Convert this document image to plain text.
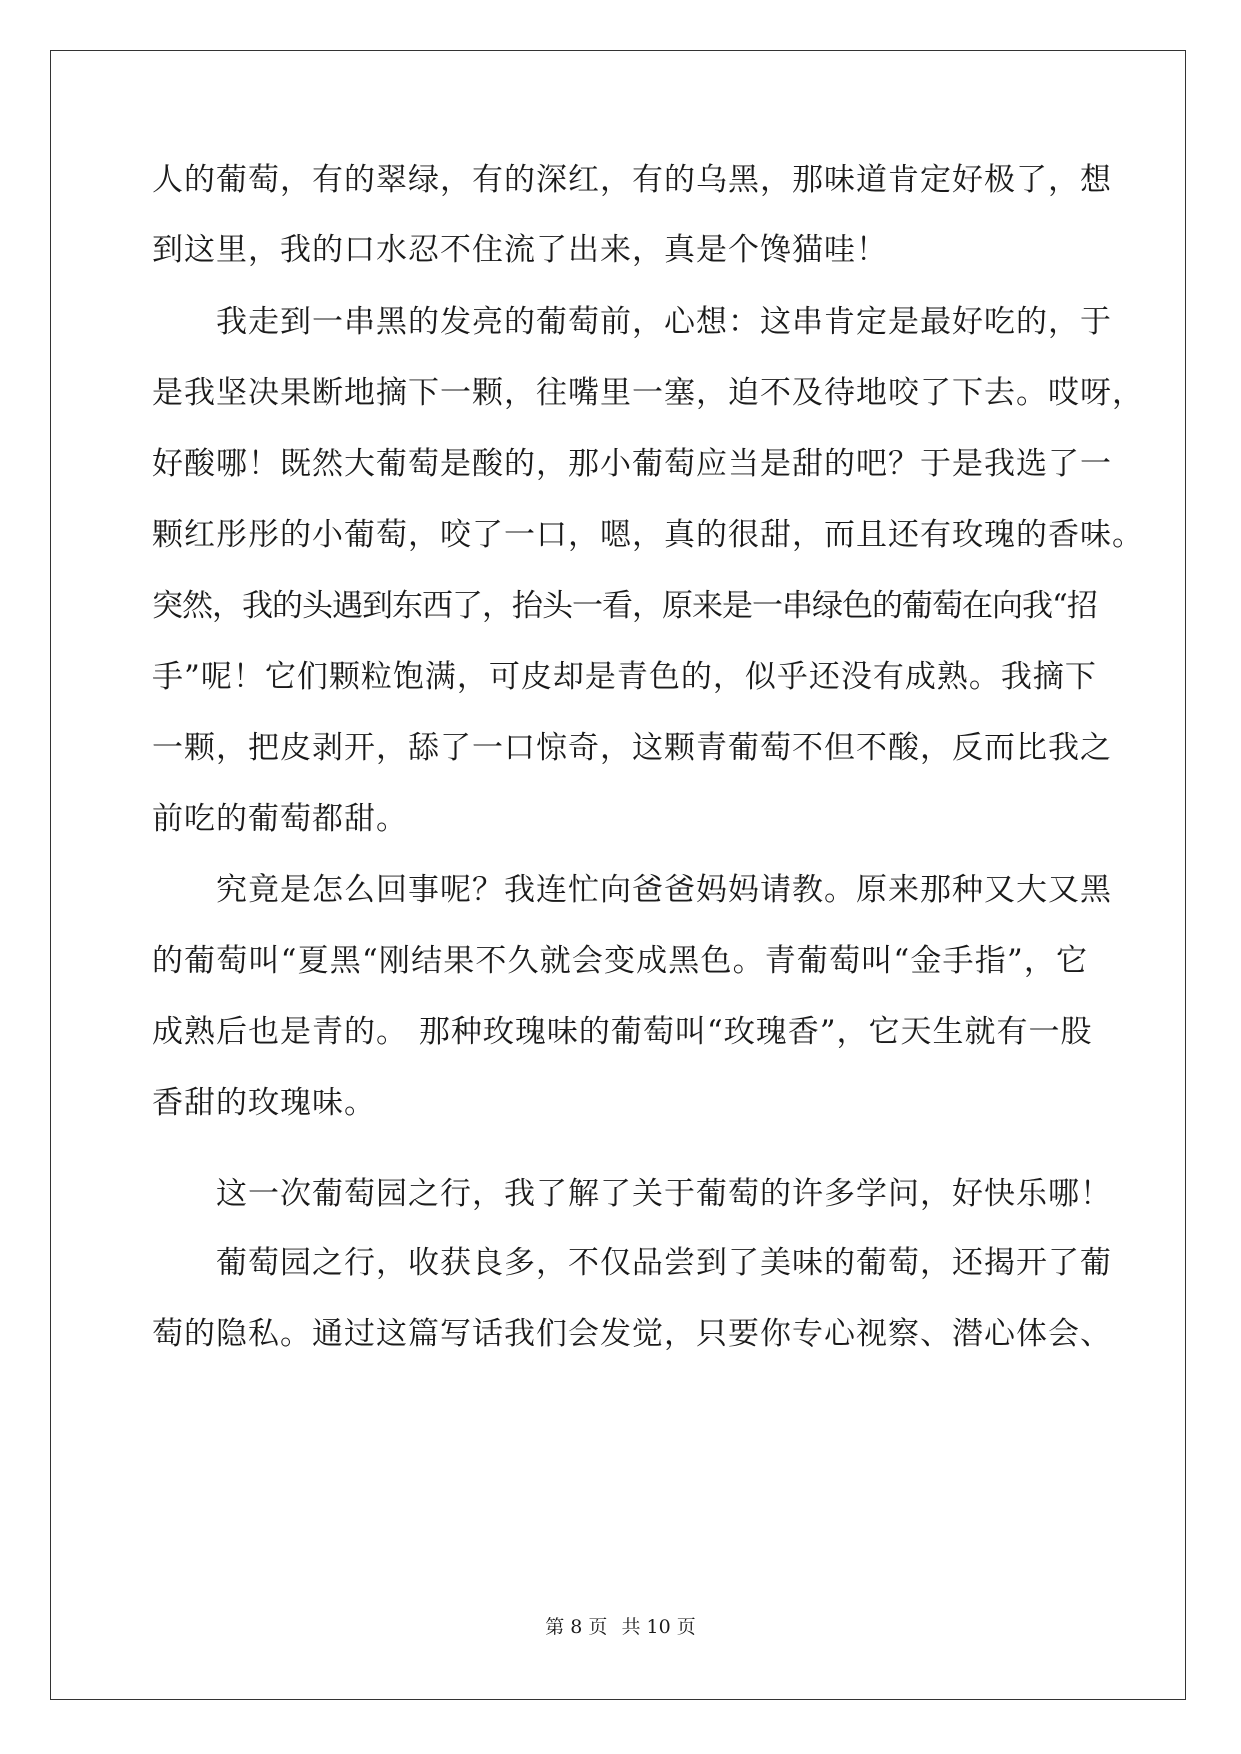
人的葡萄，有的翠绿，有的深红，有的乌黑，那味道肯定好极了，想
到这里，我的口水忍不住流了出来，真是个馋猫哇！
我走到一串黑的发亮的葡萄前，心想：这串肯定是最好吃的，于
是我坚决果断地摘下一颗，往嘴里一塞，迫不及待地咬了下去。哎呀，
好酸哪！既然大葡萄是酸的，那小葡萄应当是甜的吧？于是我选了一
颗红彤彤的小葡萄，咬了一口，嗯，真的很甜，而且还有玫瑰的香味。
突然，我的头遇到东西了，抬头一看，原来是一串绿色的葡萄在向我“招
手”呢！它们颗粒饱满，可皮却是青色的，似乎还没有成熟。我摘下
一颗，把皮剥开，舔了一口惊奇，这颗青葡萄不但不酸，反而比我之
前吃的葡萄都甜。
究竟是怎么回事呢？我连忙向爸爸妈妈请教。原来那种又大又黑
的葡萄叫“夏黑“刚结果不久就会变成黑色。青葡萄叫“金手指”，它
成熟后也是青的。 那种玫瑰味的葡萄叫“玫瑰香”，它天生就有一股
香甜的玫瑰味。
这一次葡萄园之行，我了解了关于葡萄的许多学问，好快乐哪！
葡萄园之行，收获良多，不仅品尝到了美味的葡萄，还揭开了葡
萄的隐私。通过这篇写话我们会发觉，只要你专心视察、潜心体会、
第 8 页 共 10 页
